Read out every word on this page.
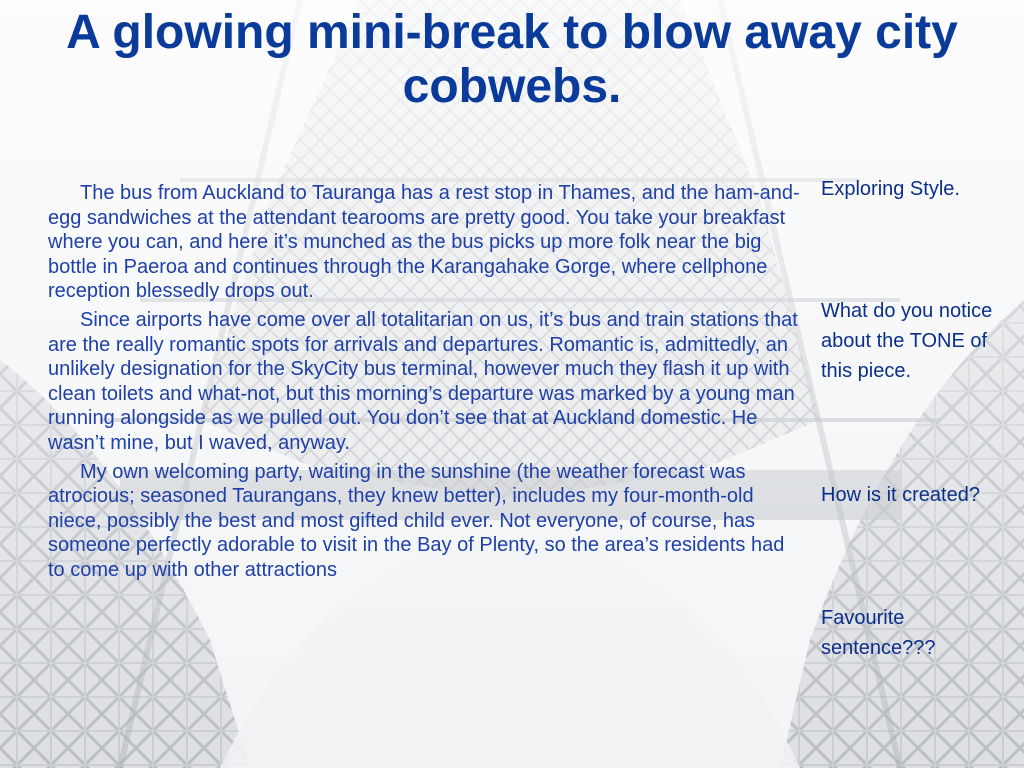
A glowing mini-break to blow away city cobwebs.

The bus from Auckland to Tauranga has a rest stop in Thames, and the ham-and-egg sandwiches at the attendant tearooms are pretty good. You take your breakfast where you can, and here it’s munched as the bus picks up more folk near the big bottle in Paeroa and continues through the Karangahake Gorge, where cellphone reception blessedly drops out.

Since airports have come over all totalitarian on us, it’s bus and train stations that are the really romantic spots for arrivals and departures. Romantic is, admittedly, an unlikely designation for the SkyCity bus terminal, however much they flash it up with clean toilets and what-not, but this morning’s departure was marked by a young man running alongside as we pulled out. You don’t see that at Auckland domestic. He wasn’t mine, but I waved, anyway.

My own welcoming party, waiting in the sunshine (the weather forecast was atrocious; seasoned Taurangans, they knew better), includes my four-month-old niece, possibly the best and most gifted child ever. Not everyone, of course, has someone perfectly adorable to visit in the Bay of Plenty, so the area’s residents had to come up with other attractions

Exploring Style.

What do you notice about the TONE of this piece.

How is it created?

Favourite sentence???
